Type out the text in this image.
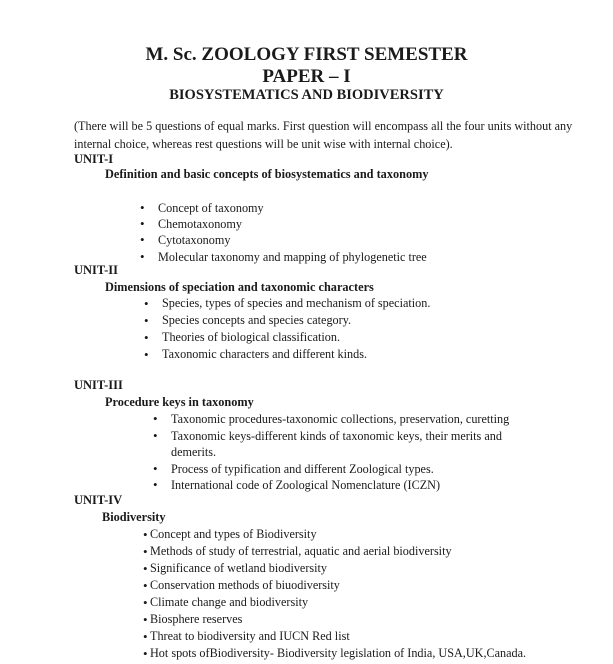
M. Sc. ZOOLOGY FIRST SEMESTER
PAPER – I
BIOSYSTEMATICS AND BIODIVERSITY

(There will be 5 questions of equal marks. First question will encompass all the four units without any internal choice, whereas rest questions will be unit wise with internal choice).

UNIT-I

Definition and basic concepts of biosystematics and taxonomy

• Concept of taxonomy
• Chemotaxonomy
• Cytotaxonomy
• Molecular taxonomy and mapping of phylogenetic tree

UNIT-II

Dimensions of speciation and taxonomic characters

• Species, types of species and mechanism of speciation.
• Species concepts and species category.
• Theories of biological classification.
• Taxonomic characters and different kinds.

UNIT-III

Procedure keys in taxonomy

• Taxonomic procedures-taxonomic collections, preservation, curetting
• Taxonomic keys-different kinds of taxonomic keys, their merits and demerits.
• Process of typification and different Zoological types.
• International code of Zoological Nomenclature (ICZN)

UNIT-IV

Biodiversity

• Concept and types of Biodiversity
• Methods of study of terrestrial, aquatic and aerial biodiversity
• Significance of wetland biodiversity
• Conservation methods of biuodiversity
• Climate change and biodiversity
• Biosphere reserves
• Threat to biodiversity and IUCN Red list
• Hot spots ofBiodiversity- Biodiversity legislation of India, USA,UK,Canada.
